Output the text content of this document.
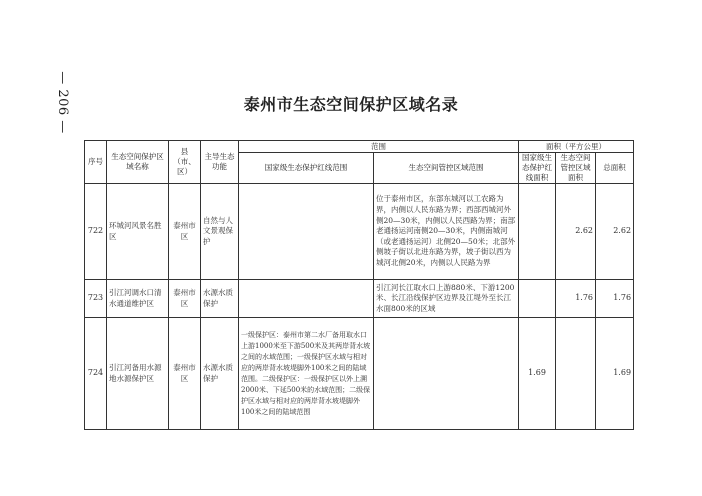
— 206 —	泰州市生态空间保护区域名录
序号	生态空间保护区域名称	县（市、区）	主导生态功能	范围		面积（平方公里）		
				国家级生态保护红线范围	生态空间管控区域范围	国家级生态保护红线面积	生态空间管控区域面积	总面积

722	环城河风景名胜区	泰州市区	自然与人文景观保护		位于泰州市区，东部东城河以工农路为界，内侧以人民东路为界；西部西城河外侧20—30米，内侧以人民西路为界；南部老通扬运河南侧20—30米，内侧南城河（或老通扬运河）北侧20—50米；北部外侧坡子街以北进东路为界，坡子街以西为城河北侧20米，内侧以人民路为界		2.62	2.62
723	引江河调水口清水通道维护区	泰州市区	水源水质保护		引江河长江取水口上游880米、下游1200米、长江沿线保护区边界及江堤外至长江水面800米的区域		1.76	1.76
724	引江河备用水源地水源保护区	泰州市区	水源水质保护	一级保护区：泰州市第二水厂备用取水口上游1000米至下游500米及其两岸背水坡之间的水域范围；一级保护区水域与相对应的两岸背水坡堤脚外100米之间的陆域范围。二级保护区：一级保护区以外上溯2000米、下延500米的水域范围；二级保护区水域与相对应的两岸背水坡堤脚外100米之间的陆域范围		1.69		1.69
